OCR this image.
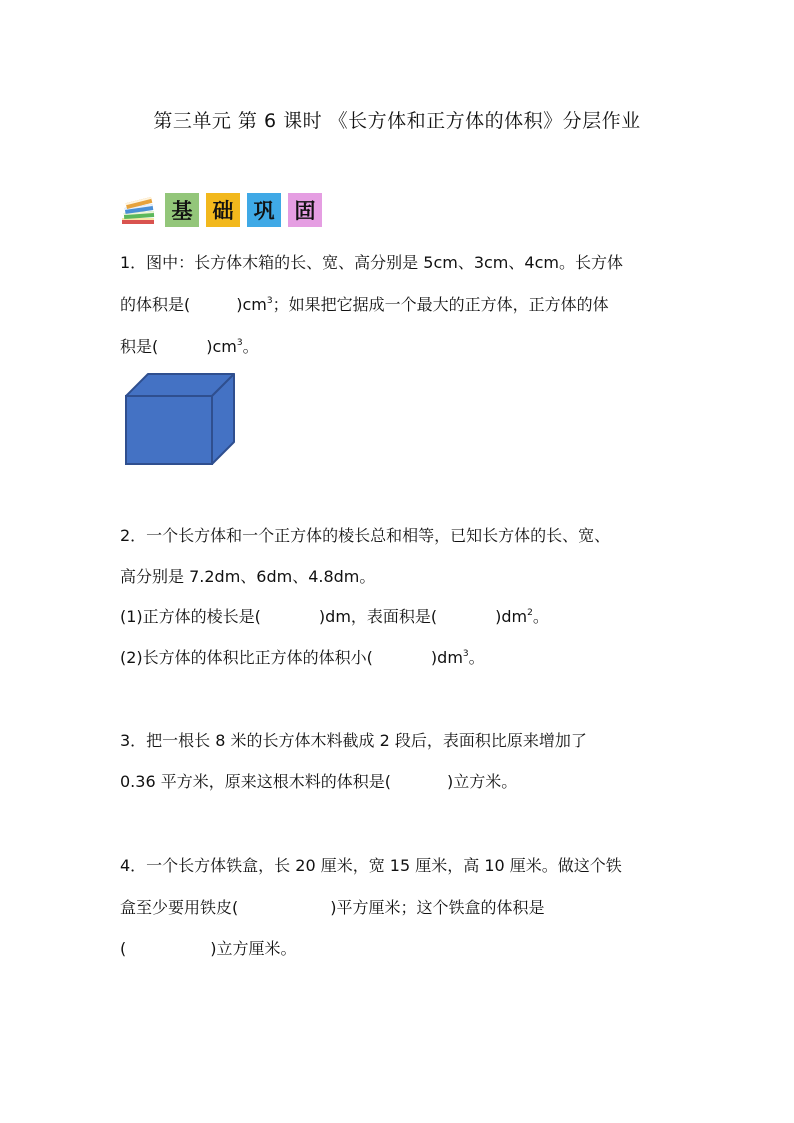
第三单元 第 6 课时 《长方体和正方体的体积》分层作业
基 础 巩 固
1．图中：长方体木箱的长、宽、高分别是 5cm、3cm、4cm。长方体
的体积是(	)$cm^3$；如果把它据成一个最大的正方体，正方体的体
积是(	)$cm^3$。
2．一个长方体和一个正方体的棱长总和相等，已知长方体的长、宽、
高分别是 7.2dm、6dm、4.8dm。
(1)正方体的棱长是(	)dm，表面积是(	)$dm^2$。
(2)长方体的体积比正方体的体积小(	)$dm^3$。
3．把一根长 8 米的长方体木料截成 2 段后，表面积比原来增加了
0.36 平方米，原来这根木料的体积是(	)立方米。
4．一个长方体铁盒，长 20 厘米，宽 15 厘米，高 10 厘米。做这个铁
盒至少要用铁皮(	)平方厘米；这个铁盒的体积是
(	)立方厘米。
